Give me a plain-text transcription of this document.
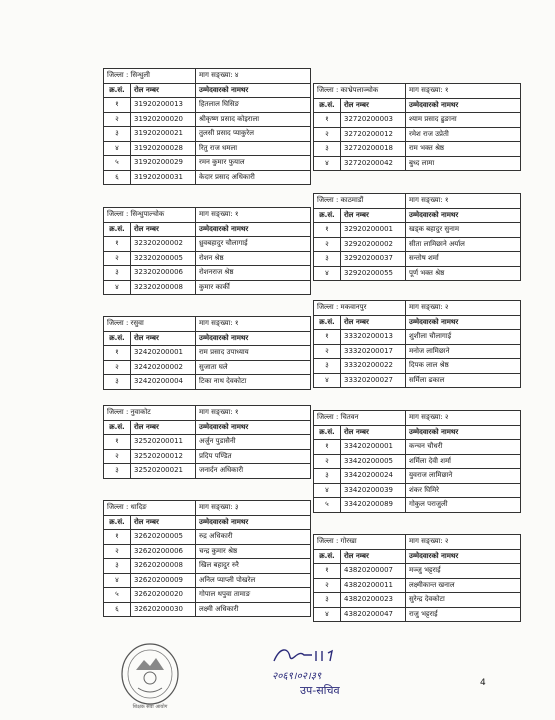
जिल्ला : सिन्धुली		माग सङ्ख्या: ४
क्र.सं.	रोल नम्बर	उम्मेदवारको नामथर
१	31920200013	हितलाल घिसिङ
२	31920200020	श्रीकृष्ण प्रसाद कोइराला
३	31920200021	तुलसी प्रसाद प्याकुरेल
४	31920200028	रितु राज धमला
५	31920200029	रमन कुमार फुयाल
६	31920200031	केदार प्रसाद अधिकारी
जिल्ला : सिन्धुपाल्चोक		माग सङ्ख्या: १
क्र.सं.	रोल नम्बर	उम्मेदवारको नामथर
१	32320200002	ध्रुवबहादुर चौलागाई
२	32320200005	रोशन श्रेष्ठ
३	32320200006	रोशनराज श्रेष्ठ
४	32320200008	कुमार कार्की
जिल्ला : रसुवा		माग सङ्ख्या: १
क्र.सं.	रोल नम्बर	उम्मेदवारको नामथर
१	32420200001	राम प्रसाद उपाध्याय
२	32420200002	सुजाता घले
३	32420200004	टिका नाथ देवकोटा
जिल्ला : नुवाकोट		माग सङ्ख्या: १
क्र.सं.	रोल नम्बर	उम्मेदवारको नामथर
१	32520200011	अर्जुन पुडासैनी
२	32520200012	प्रदिप पण्डित
३	32520200021	जनार्दन अधिकारी
जिल्ला : धादिङ		माग सङ्ख्या: ३
क्र.सं.	रोल नम्बर	उम्मेदवारको नामथर
१	32620200005	रुद्र अधिकारी
२	32620200006	चन्द्र कुमार श्रेष्ठ
३	32620200008	खिल बहादुर रुरै
४	32620200009	अनिल प्याप्ली पोखरेल
५	32620200020	गोपाल थपुवा तामाङ
६	32620200030	लक्ष्मी अधिकारी
जिल्ला : काभ्रेपलाञ्चोक		माग सङ्ख्या: १
क्र.सं.	रोल नम्बर	उम्मेदवारको नामथर
१	32720200003	श्याम प्रसाद ढुङाना
२	32720200012	रमेश राज उप्रेती
३	32720200018	राम भक्त श्रेष्ठ
४	32720200042	बुध्द लामा
जिल्ला : काठमाडौं		माग सङ्ख्या: १
क्र.सं.	रोल नम्बर	उम्मेदवारको नामथर
१	32920200001	खड्क बहादुर सुनाम
२	32920200002	सीता लामिछाने अर्याल
३	32920200037	सन्तोष शर्मा
४	32920200055	पूर्ण भक्त श्रेष्ठ
जिल्ला : मकवानपुर		माग सङ्ख्या: २
क्र.सं.	रोल नम्बर	उम्मेदवारको नामथर
१	33320200013	शुशीला चौलागाई
२	33320200017	मनोज लामिछाने
३	33320200022	दिपक लाल श्रेष्ठ
४	33320200027	सर्मिला ढकाल
जिल्ला : चितवन		माग सङ्ख्या: २
क्र.सं.	रोल नम्बर	उम्मेदवारको नामथर
१	33420200001	कन्चन चौधरी
२	33420200005	शर्मिला देवी शर्मा
३	33420200024	युवराज लामिछाने
४	33420200039	शंकर घिमिरे
५	33420200089	गोकुल पराजुली
जिल्ला : गोरखा		माग सङ्ख्या: २
क्र.सं.	रोल नम्बर	उम्मेदवारको नामथर
१	43820200007	मञ्जु भट्टराई
२	43820200011	लक्ष्मीकान्त खनाल
३	43820200023	सुरेन्द्र देवकोटा
४	43820200047	राजु भट्टराई
शिक्षक सेवा आयोग
२०६९।०२।३९
उप-सचिव
4
